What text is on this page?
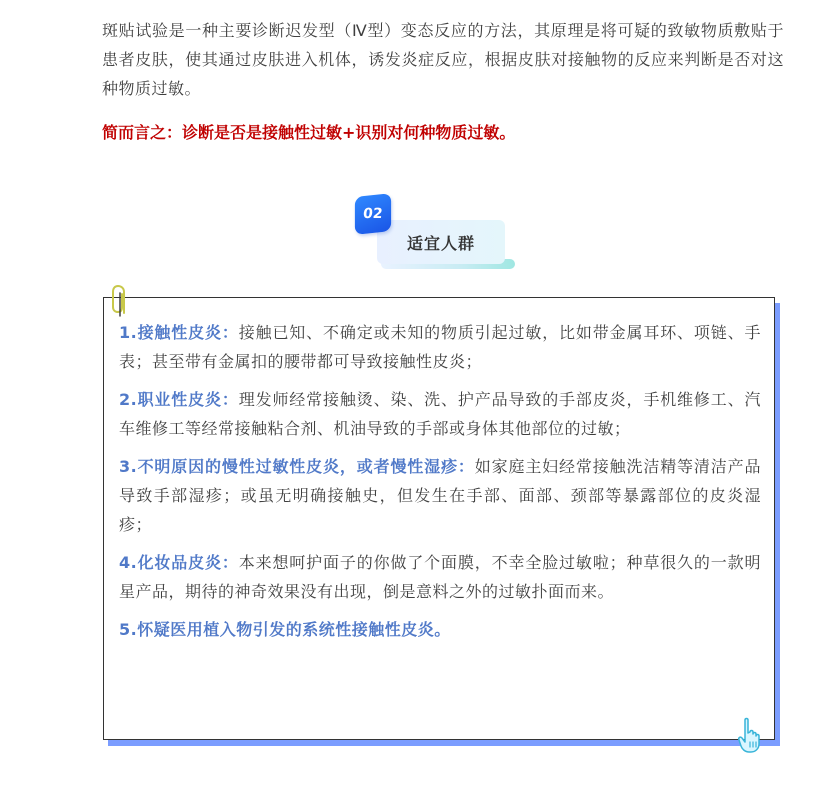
斑贴试验是一种主要诊断迟发型（Ⅳ型）变态反应的方法，其原理是将可疑的致敏物质敷贴于患者皮肤，使其通过皮肤进入机体，诱发炎症反应，根据皮肤对接触物的反应来判断是否对这种物质过敏。
简而言之：诊断是否是接触性过敏+识别对何种物质过敏。
适宜人群
02
1.接触性皮炎：接触已知、不确定或未知的物质引起过敏，比如带金属耳环、项链、手表；甚至带有金属扣的腰带都可导致接触性皮炎；
2.职业性皮炎：理发师经常接触烫、染、洗、护产品导致的手部皮炎，手机维修工、汽车维修工等经常接触粘合剂、机油导致的手部或身体其他部位的过敏；
3.不明原因的慢性过敏性皮炎，或者慢性湿疹：如家庭主妇经常接触洗洁精等清洁产品导致手部湿疹；或虽无明确接触史，但发生在手部、面部、颈部等暴露部位的皮炎湿疹；
4.化妆品皮炎：本来想呵护面子的你做了个面膜，不幸全脸过敏啦；种草很久的一款明星产品，期待的神奇效果没有出现，倒是意料之外的过敏扑面而来。
5.怀疑医用植入物引发的系统性接触性皮炎。
